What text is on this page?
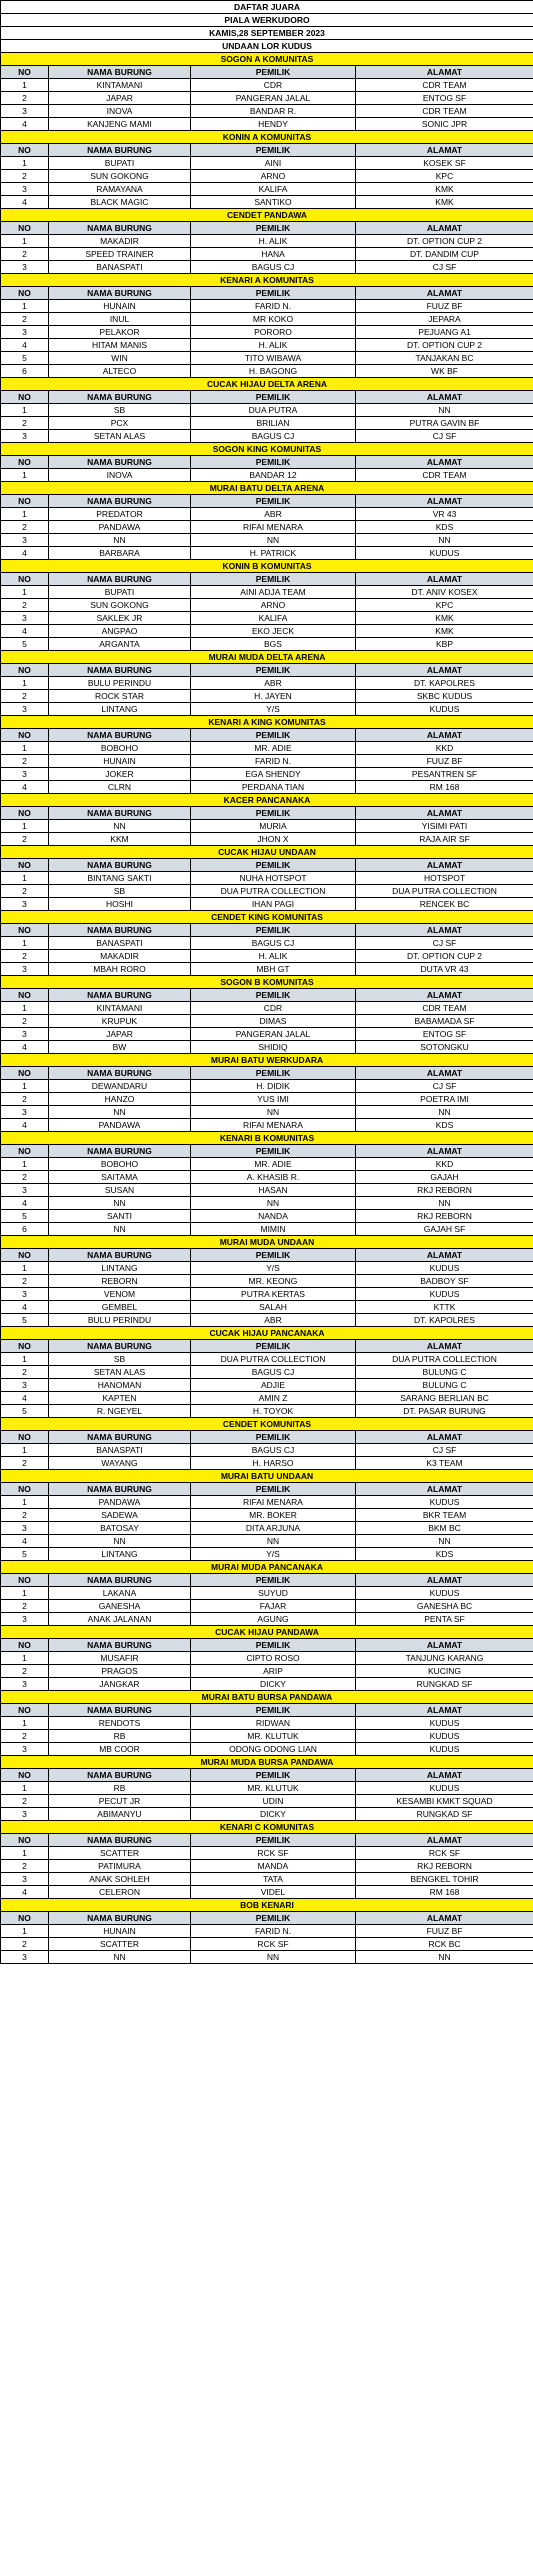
DAFTAR JUARA			
PIALA WERKUDORO			
KAMIS,28 SEPTEMBER 2023			
UNDAAN LOR KUDUS			
SOGON A KOMUNITAS			
NO	NAMA BURUNG	PEMILIK	ALAMAT
1	KINTAMANI	CDR	CDR TEAM
2	JAPAR	PANGERAN JALAL	ENTOG SF
3	INOVA	BANDAR R.	CDR TEAM
4	KANJENG MAMI	HENDY	SONIC JPR
KONIN A KOMUNITAS			
NO	NAMA BURUNG	PEMILIK	ALAMAT
1	BUPATI	AINI	KOSEK SF
2	SUN GOKONG	ARNO	KPC
3	RAMAYANA	KALIFA	KMK
4	BLACK MAGIC	SANTIKO	KMK
CENDET PANDAWA			
NO	NAMA BURUNG	PEMILIK	ALAMAT
1	MAKADIR	H. ALIK	DT. OPTION CUP 2
2	SPEED TRAINER	HANA	DT. DANDIM CUP
3	BANASPATI	BAGUS CJ	CJ SF
KENARI A KOMUNITAS			
NO	NAMA BURUNG	PEMILIK	ALAMAT
1	HUNAIN	FARID N.	FUUZ BF
2	INUL	MR KOKO	JEPARA
3	PELAKOR	PORORO	PEJUANG A1
4	HITAM MANIS	H. ALIK	DT. OPTION CUP 2
5	WIN	TITO WIBAWA	TANJAKAN BC
6	ALTECO	H. BAGONG	WK BF
CUCAK HIJAU DELTA ARENA			
NO	NAMA BURUNG	PEMILIK	ALAMAT
1	SB	DUA PUTRA	NN
2	PCX	BRILIAN	PUTRA GAVIN BF
3	SETAN ALAS	BAGUS CJ	CJ SF
SOGON KING KOMUNITAS			
NO	NAMA BURUNG	PEMILIK	ALAMAT
1	INOVA	BANDAR 12	CDR TEAM
MURAI BATU DELTA ARENA			
NO	NAMA BURUNG	PEMILIK	ALAMAT
1	PREDATOR	ABR	VR 43
2	PANDAWA	RIFAI MENARA	KDS
3	NN	NN	NN
4	BARBARA	H. PATRICK	KUDUS
KONIN B KOMUNITAS			
NO	NAMA BURUNG	PEMILIK	ALAMAT
1	BUPATI	AINI ADJA TEAM	DT. ANIV KOSEX
2	SUN GOKONG	ARNO	KPC
3	SAKLEK JR	KALIFA	KMK
4	ANGPAO	EKO JECK	KMK
5	ARGANTA	BGS	KBP
MURAI MUDA DELTA ARENA			
NO	NAMA BURUNG	PEMILIK	ALAMAT
1	BULU PERINDU	ABR	DT. KAPOLRES
2	ROCK STAR	H. JAYEN	SKBC KUDUS
3	LINTANG	Y/S	KUDUS
KENARI A KING KOMUNITAS			
NO	NAMA BURUNG	PEMILIK	ALAMAT
1	BOBOHO	MR. ADIE	KKD
2	HUNAIN	FARID N.	FUUZ BF
3	JOKER	EGA SHENDY	PESANTREN SF
4	CLRN	PERDANA TIAN	RM 168
KACER PANCANAKA			
NO	NAMA BURUNG	PEMILIK	ALAMAT
1	NN	MURIA	YISIMI PATI
2	KKM	JHON X	RAJA AIR SF
CUCAK HIJAU UNDAAN			
NO	NAMA BURUNG	PEMILIK	ALAMAT
1	BINTANG SAKTI	NUHA HOTSPOT	HOTSPOT
2	SB	DUA PUTRA COLLECTION	DUA PUTRA COLLECTION
3	HOSHI	IHAN PAGI	RENCEK BC
CENDET KING KOMUNITAS			
NO	NAMA BURUNG	PEMILIK	ALAMAT
1	BANASPATI	BAGUS CJ	CJ SF
2	MAKADIR	H. ALIK	DT. OPTION CUP 2
3	MBAH RORO	MBH GT	DUTA VR 43
SOGON B KOMUNITAS			
NO	NAMA BURUNG	PEMILIK	ALAMAT
1	KINTAMANI	CDR	CDR TEAM
2	KRUPUK	DIMAS	BABAMADA SF
3	JAPAR	PANGERAN JALAL	ENTOG SF
4	BW	SHIDIQ	SOTONGKU
MURAI BATU WERKUDARA			
NO	NAMA BURUNG	PEMILIK	ALAMAT
1	DEWANDARU	H. DIDIK	CJ SF
2	HANZO	YUS IMI	POETRA IMI
3	NN	NN	NN
4	PANDAWA	RIFAI MENARA	KDS
KENARI B KOMUNITAS			
NO	NAMA BURUNG	PEMILIK	ALAMAT
1	BOBOHO	MR. ADIE	KKD
2	SAITAMA	A. KHASIB R.	GAJAH
3	SUSAN	HASAN	RKJ REBORN
4	NN	NN	NN
5	SANTI	NANDA	RKJ REBORN
6	NN	MIMIN	GAJAH SF
MURAI MUDA UNDAAN			
NO	NAMA BURUNG	PEMILIK	ALAMAT
1	LINTANG	Y/S	KUDUS
2	REBORN	MR. KEONG	BADBOY SF
3	VENOM	PUTRA KERTAS	KUDUS
4	GEMBEL	SALAH	KTTK
5	BULU PERINDU	ABR	DT. KAPOLRES
CUCAK HIJAU PANCANAKA			
NO	NAMA BURUNG	PEMILIK	ALAMAT
1	SB	DUA PUTRA COLLECTION	DUA PUTRA COLLECTION
2	SETAN ALAS	BAGUS CJ	BULUNG C
3	HANOMAN	ADJIE	BULUNG C
4	KAPTEN	AMIN Z	SARANG BERLIAN BC
5	R. NGEYEL	H. TOYOK	DT. PASAR BURUNG
CENDET KOMUNITAS			
NO	NAMA BURUNG	PEMILIK	ALAMAT
1	BANASPATI	BAGUS CJ	CJ SF
2	WAYANG	H. HARSO	K3 TEAM
MURAI BATU UNDAAN			
NO	NAMA BURUNG	PEMILIK	ALAMAT
1	PANDAWA	RIFAI MENARA	KUDUS
2	SADEWA	MR. BOKER	BKR TEAM
3	BATOSAY	DITA ARJUNA	BKM BC
4	NN	NN	NN
5	LINTANG	Y/S	KDS
MURAI MUDA PANCANAKA			
NO	NAMA BURUNG	PEMILIK	ALAMAT
1	LAKANA	SUYUD	KUDUS
2	GANESHA	FAJAR	GANESHA BC
3	ANAK JALANAN	AGUNG	PENTA SF
CUCAK HIJAU PANDAWA			
NO	NAMA BURUNG	PEMILIK	ALAMAT
1	MUSAFIR	CIPTO ROSO	TANJUNG KARANG
2	PRAGOS	ARIP	KUCING
3	JANGKAR	DICKY	RUNGKAD SF
MURAI BATU BURSA PANDAWA			
NO	NAMA BURUNG	PEMILIK	ALAMAT
1	RENDOTS	RIDWAN	KUDUS
2	RB	MR. KLUTUK	KUDUS
3	MB COOR	ODONG ODONG LIAN	KUDUS
MURAI MUDA BURSA PANDAWA			
NO	NAMA BURUNG	PEMILIK	ALAMAT
1	RB	MR. KLUTUK	KUDUS
2	PECUT JR	UDIN	KESAMBI KMKT SQUAD
3	ABIMANYU	DICKY	RUNGKAD SF
KENARI C KOMUNITAS			
NO	NAMA BURUNG	PEMILIK	ALAMAT
1	SCATTER	RCK SF	RCK SF
2	PATIMURA	MANDA	RKJ REBORN
3	ANAK SOHLEH	TATA	BENGKEL TOHIR
4	CELERON	VIDEL	RM 168
BOB KENARI			
NO	NAMA BURUNG	PEMILIK	ALAMAT
1	HUNAIN	FARID N.	FUUZ BF
2	SCATTER	RCK SF	RCK BC
3	NN	NN	NN
